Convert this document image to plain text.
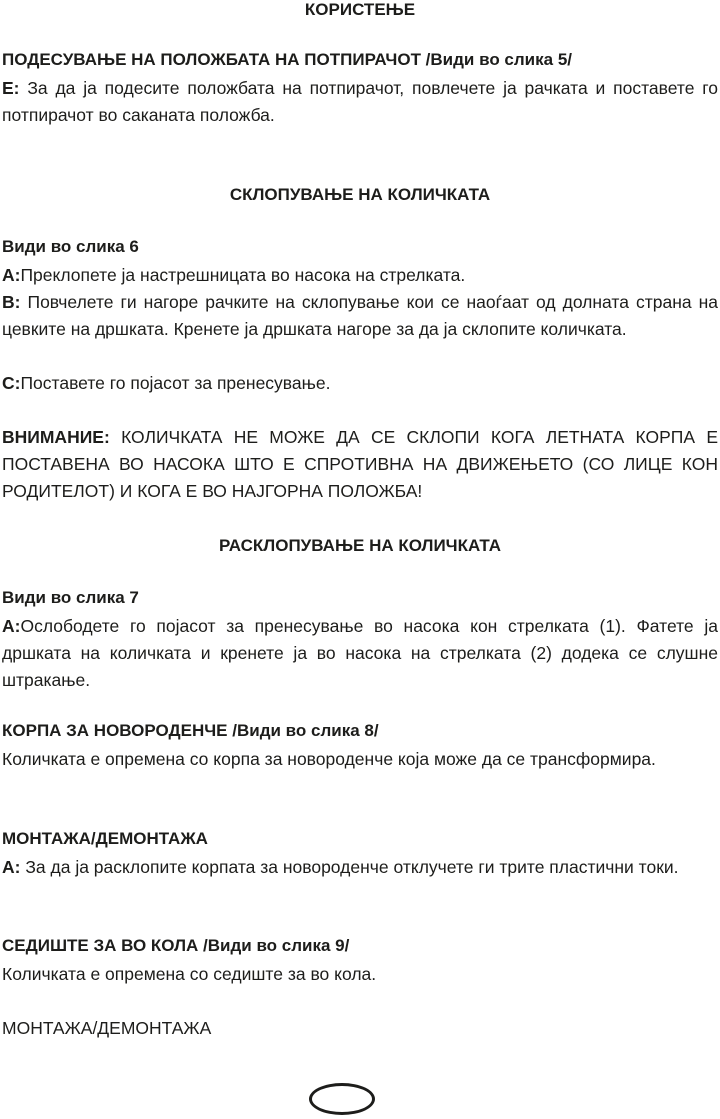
КОРИСТЕЊЕ
ПОДЕСУВАЊЕ НА ПОЛОЖБАТА НА ПОТПИРАЧОТ /Види во слика 5/
E: За да ја подесите положбата на потпирачот, повлечете ја рачката и поставете го потпирачот во саканата положба.
СКЛОПУВАЊЕ НА КОЛИЧКАТА
Види во слика 6
A:Преклопете ја настрешницата во насока на стрелката.
B: Повчелете ги нагоре рачките на склопување кои се наоѓаат од долната страна на цевките на дршката. Кренете ја дршката нагоре за да ја склопите количката.
C:Поставете го појасот за пренесување.
ВНИМАНИЕ: КОЛИЧКАТА НЕ МОЖЕ ДА СЕ СКЛОПИ КОГА ЛЕТНАТА КОРПА Е ПОСТАВЕНА ВО НАСОКА ШТО Е СПРОТИВНА НА ДВИЖЕЊЕТО (СО ЛИЦЕ КОН РОДИТЕЛОТ) И КОГА Е ВО НАЈГОРНА ПОЛОЖБА!
РАСКЛОПУВАЊЕ НА КОЛИЧКАТА
Види во слика 7
A:Ослободете го појасот за пренесување во насока кон стрелката (1). Фатете ја дршката на количката и кренете ја во насока на стрелката (2) додека се слушне штракање.
КОРПА ЗА НОВОРОДЕНЧЕ /Види во слика 8/
Количката е опремена со корпа за новороденче која може да се трансформира.
МОНТАЖА/ДЕМОНТАЖА
A: За да ја расклопите корпата за новороденче отклучете ги трите пластични токи.
СЕДИШТЕ ЗА ВО КОЛА /Види во слика 9/
Количката е опремена со седиште за во кола.
МОНТАЖА/ДЕМОНТАЖА
